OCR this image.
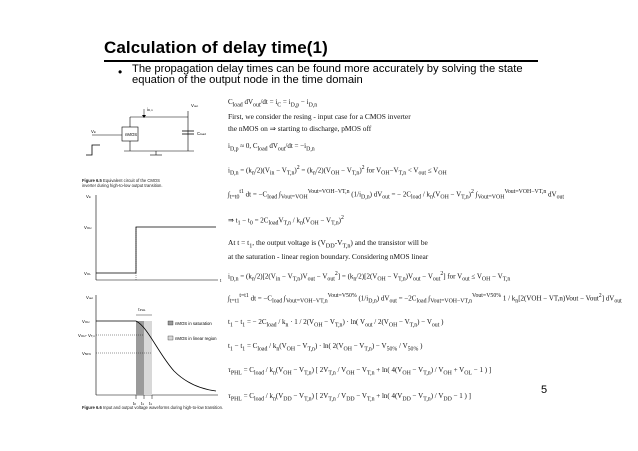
Calculation of delay time(1)
• The propagation delay times can be found more accurately by solving the state equation of the output node in the time domain
Vin	nMOS
iD,n
Vout
Cload
Vin
VOH
VOL
t
τPHL
Vout
VOH
VOH- VT,n
V50%
t0 t1 t1
nMOS in saturation
nMOS in linear region
Figure 6.5 Equivalent circuit of the CMOS inverter during high-to-low output transition.
Figure 6.6 Input and output voltage waveforms during high-to-low transition.
$C_{load}$ $dV_{out}/dt = i_C = i_{D,p} - i_{D,n}$
First, we consider the resing - input case for a CMOS inverter
the nMOS on ⇒ starting to discharge, pMOS off
$i_{D,p} \approx 0$, $C_{load}$ $dV_{out}/dt = -i_{D,n}$
$i_{D,n} = (k_n/2)(V_{in} - V_{T,n})^2 = (k_n/2)(V_{OH} - V_{T,n})^2$ for $V_{OH}-V_{T,n} < V_{out} \le V_{OH}$
$\int_{t=t0}^{t1}$ dt = $-C_{load}$ $\int_{Vout=VOH}^{Vout=VOH-VT,n}$ $(1/i_{D,n}) dV_{out}$ = − $2C_{load} / k_n(V_{OH} - V_{T,n})^2$ $\int_{Vout=VOH}^{Vout=VOH-VT,n}$ $dV_{out}$
⇒ $t_1 - t_0 = 2C_{load}V_{T,n} / k_n(V_{OH} - V_{T,n})^2$
At $t = t_1$, the output voltage is $(V_{DD}-V_{T,n})$ and the transistor will be
at the saturation - linear region boundary. Considering nMOS linear
$i_{D,n} = (k_n/2)[2(V_{in} - V_{T,n})V_{out} - V_{out}^2] = (k_n/2)[2(V_{OH} - V_{T,n})V_{out} - V_{out}^2]$ for $V_{out} \le V_{OH} - V_{T,n}$
$\int_{t=t1}^{t=t1}$ dt = $-C_{load}$ $\int_{Vout=VOH-VT,n}^{Vout=V50\%}$ $(1/i_{D,n}) dV_{out} = -2C_{load}$ $\int_{Vout=VOH-VT,n}^{Vout=V50\%}$ $1 / k_n[2(VOH$ − VT,n)Vout − Vout$^2$] $dV_{out}$
$t_1 - t_1$ = − $2C_{load} / k_n \cdot 1 / 2(V_{OH} - V_{T,n}) \cdot \ln$( $V_{out} / 2(V_{OH} - V_{T,n}) - V_{out}$ )
$t_1 - t_1 = C_{load} / k_n(V_{OH} - V_{T,n}) \cdot \ln$( $2(V_{OH} - V_{T,n}) - V_{50\%} / V_{50\%}$ )
$\tau_{PHL} = C_{load} / k_n(V_{OH} - V_{T,n})$ [ $2V_{T,n} / V_{OH} - V_{T,n} + \ln$( $4(V_{OH} - V_{T,n}) / V_{OH} + V_{OL} - 1$ ) ]
$\tau_{PHL} = C_{load} / k_n(V_{DD} - V_{T,n})$ [ $2V_{T,n} / V_{DD} - V_{T,n} + \ln$( $4(V_{DD} - V_{T,n}) / V_{DD} - 1$ ) ]	5
